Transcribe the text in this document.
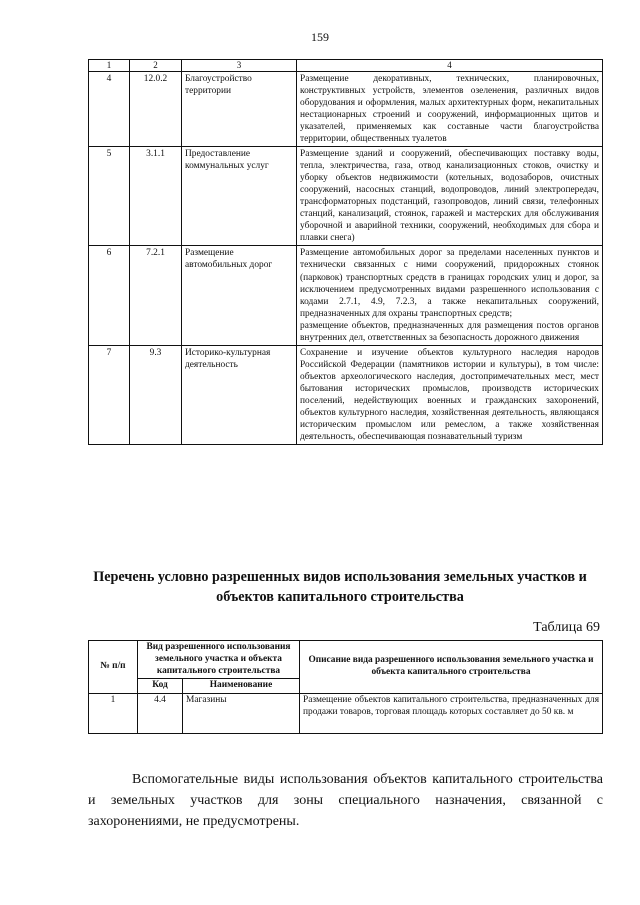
159
1	2	3	4
4	12.0.2	Благоустройство территории	Размещение декоративных, технических, планировочных, конструктивных устройств, элементов озеленения, различных видов оборудования и оформления, малых архитектурных форм, некапитальных нестационарных строений и сооружений, информационных щитов и указателей, применяемых как составные части благоустройства территории, общественных туалетов
5	3.1.1	Предоставление коммунальных услуг	Размещение зданий и сооружений, обеспечивающих поставку воды, тепла, электричества, газа, отвод канализационных стоков, очистку и уборку объектов недвижимости (котельных, водозаборов, очистных сооружений, насосных станций, водопроводов, линий электропередач, трансформаторных подстанций, газопроводов, линий связи, телефонных станций, канализаций, стоянок, гаражей и мастерских для обслуживания уборочной и аварийной техники, сооружений, необходимых для сбора и плавки снега)
6	7.2.1	Размещение автомобильных дорог	Размещение автомобильных дорог за пределами населенных пунктов и технически связанных с ними сооружений, придорожных стоянок (парковок) транспортных средств в границах городских улиц и дорог, за исключением предусмотренных видами разрешенного использования с кодами 2.7.1, 4.9, 7.2.3, а также некапитальных сооружений, предназначенных для охраны транспортных средств;
размещение объектов, предназначенных для размещения постов органов внутренних дел, ответственных за безопасность дорожного движения

7	9.3	Историко-культурная деятельность	Сохранение и изучение объектов культурного наследия народов Российской Федерации (памятников истории и культуры), в том числе: объектов археологического наследия, достопримечательных мест, мест бытования исторических промыслов, производств исторических поселений, недействующих военных и гражданских захоронений, объектов культурного наследия, хозяйственная деятельность, являющаяся историческим промыслом или ремеслом, а также хозяйственная деятельность, обеспечивающая познавательный туризм
Перечень условно разрешенных видов использования земельных участков и объектов капитального строительства
Таблица 69
№ п/п	Вид разрешенного использования земельного участка и объекта капитального строительства		Описание вида разрешенного использования земельного участка и объекта капитального строительства
	Код	Наименование	
1	4.4	Магазины	Размещение объектов капитального строительства, предназначенных для продажи товаров, торговая площадь которых составляет до 50 кв. м
Вспомогательные виды использования объектов капитального строительства и земельных участков для зоны специального назначения, связанной с захоронениями, не предусмотрены.
